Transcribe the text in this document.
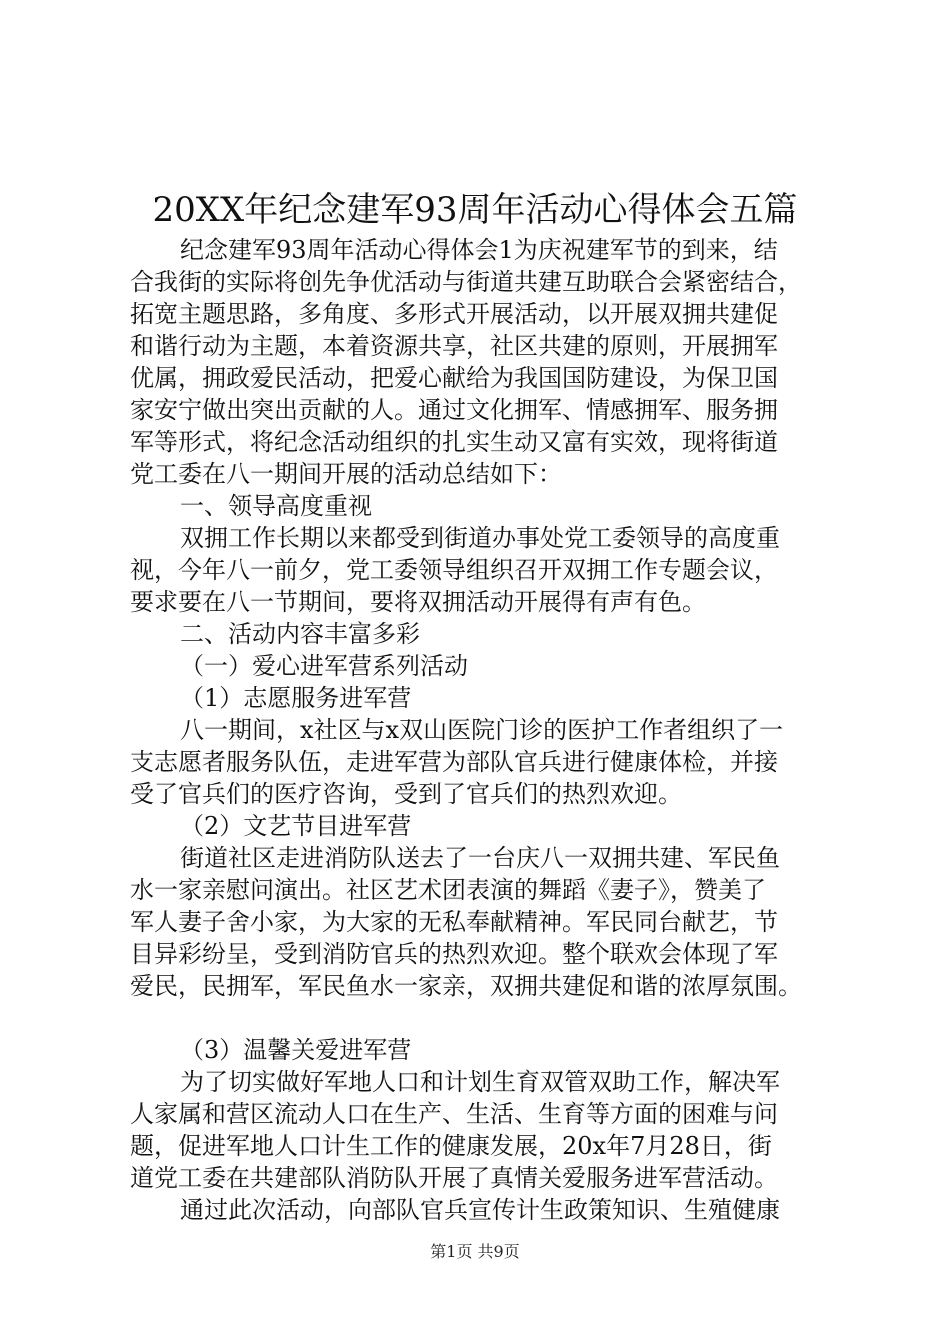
20XX年纪念建军93周年活动心得体会五篇
纪念建军93周年活动心得体会1为庆祝建军节的到来，结
合我街的实际将创先争优活动与街道共建互助联合会紧密结合，
拓宽主题思路，多角度、多形式开展活动，以开展双拥共建促
和谐行动为主题，本着资源共享，社区共建的原则，开展拥军
优属，拥政爱民活动，把爱心献给为我国国防建设，为保卫国
家安宁做出突出贡献的人。通过文化拥军、情感拥军、服务拥
军等形式，将纪念活动组织的扎实生动又富有实效，现将街道
党工委在八一期间开展的活动总结如下：
一、领导高度重视
双拥工作长期以来都受到街道办事处党工委领导的高度重
视，今年八一前夕，党工委领导组织召开双拥工作专题会议，
要求要在八一节期间，要将双拥活动开展得有声有色。
二、活动内容丰富多彩
（一）爱心进军营系列活动
（1）志愿服务进军营
八一期间，x社区与x双山医院门诊的医护工作者组织了一
支志愿者服务队伍，走进军营为部队官兵进行健康体检，并接
受了官兵们的医疗咨询，受到了官兵们的热烈欢迎。
（2）文艺节目进军营
街道社区走进消防队送去了一台庆八一双拥共建、军民鱼
水一家亲慰问演出。社区艺术团表演的舞蹈《妻子》，赞美了
军人妻子舍小家，为大家的无私奉献精神。军民同台献艺，节
目异彩纷呈，受到消防官兵的热烈欢迎。整个联欢会体现了军
爱民，民拥军，军民鱼水一家亲，双拥共建促和谐的浓厚氛围。
（3）温馨关爱进军营
为了切实做好军地人口和计划生育双管双助工作，解决军
人家属和营区流动人口在生产、生活、生育等方面的困难与问
题，促进军地人口计生工作的健康发展，20x年7月28日，街
道党工委在共建部队消防队开展了真情关爱服务进军营活动。
通过此次活动，向部队官兵宣传计生政策知识、生殖健康
第1页 共9页
